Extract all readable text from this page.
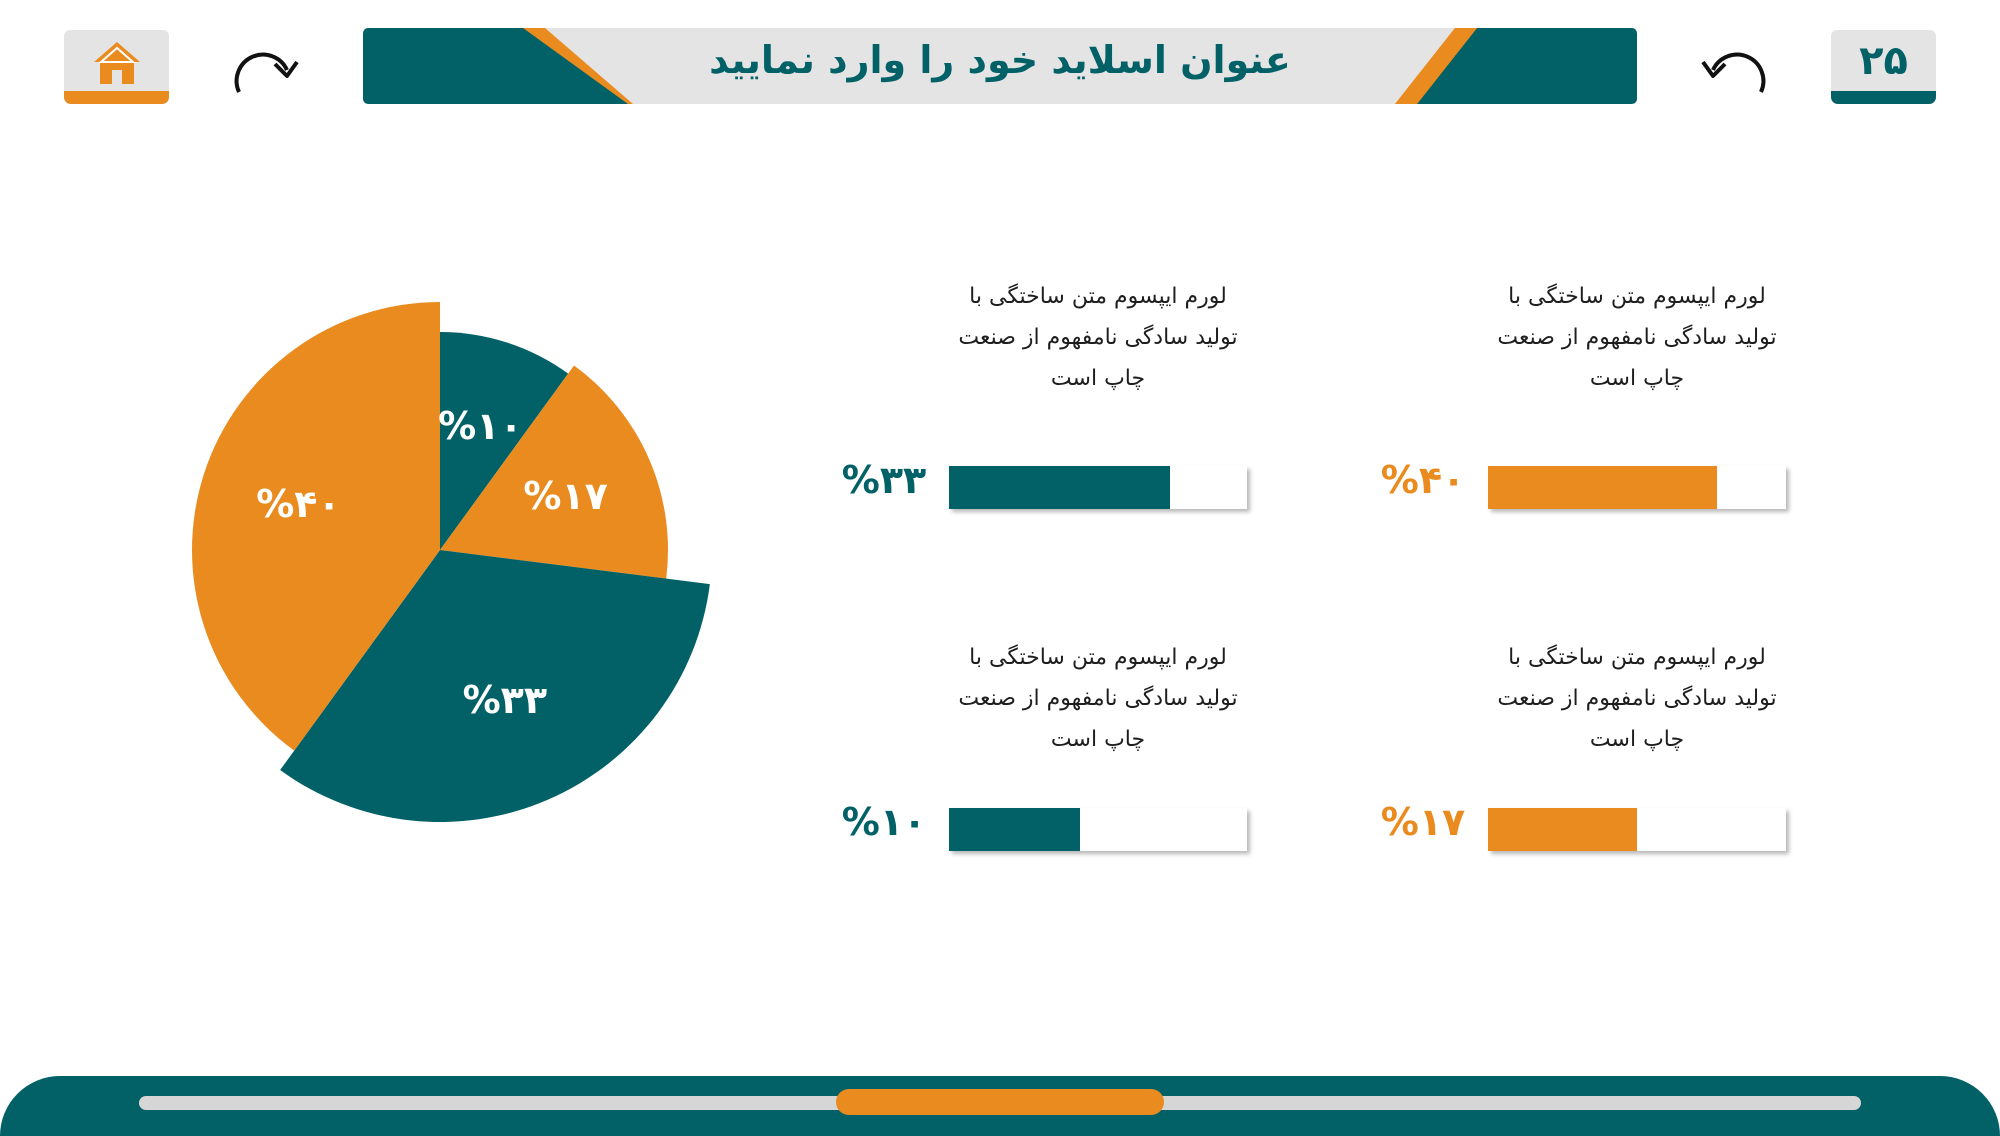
عنوان اسلاید خود را وارد نمایید	۲۵
%۱۰
%۱۷
%۳۳
%۴۰
لورم ایپسوم متن ساختگی با
تولید سادگی نامفهوم از صنعت
چاپ است
%۴۰
لورم ایپسوم متن ساختگی با
تولید سادگی نامفهوم از صنعت
چاپ است
%۳۳
لورم ایپسوم متن ساختگی با
تولید سادگی نامفهوم از صنعت
چاپ است
%۱۷
لورم ایپسوم متن ساختگی با
تولید سادگی نامفهوم از صنعت
چاپ است
%۱۰
